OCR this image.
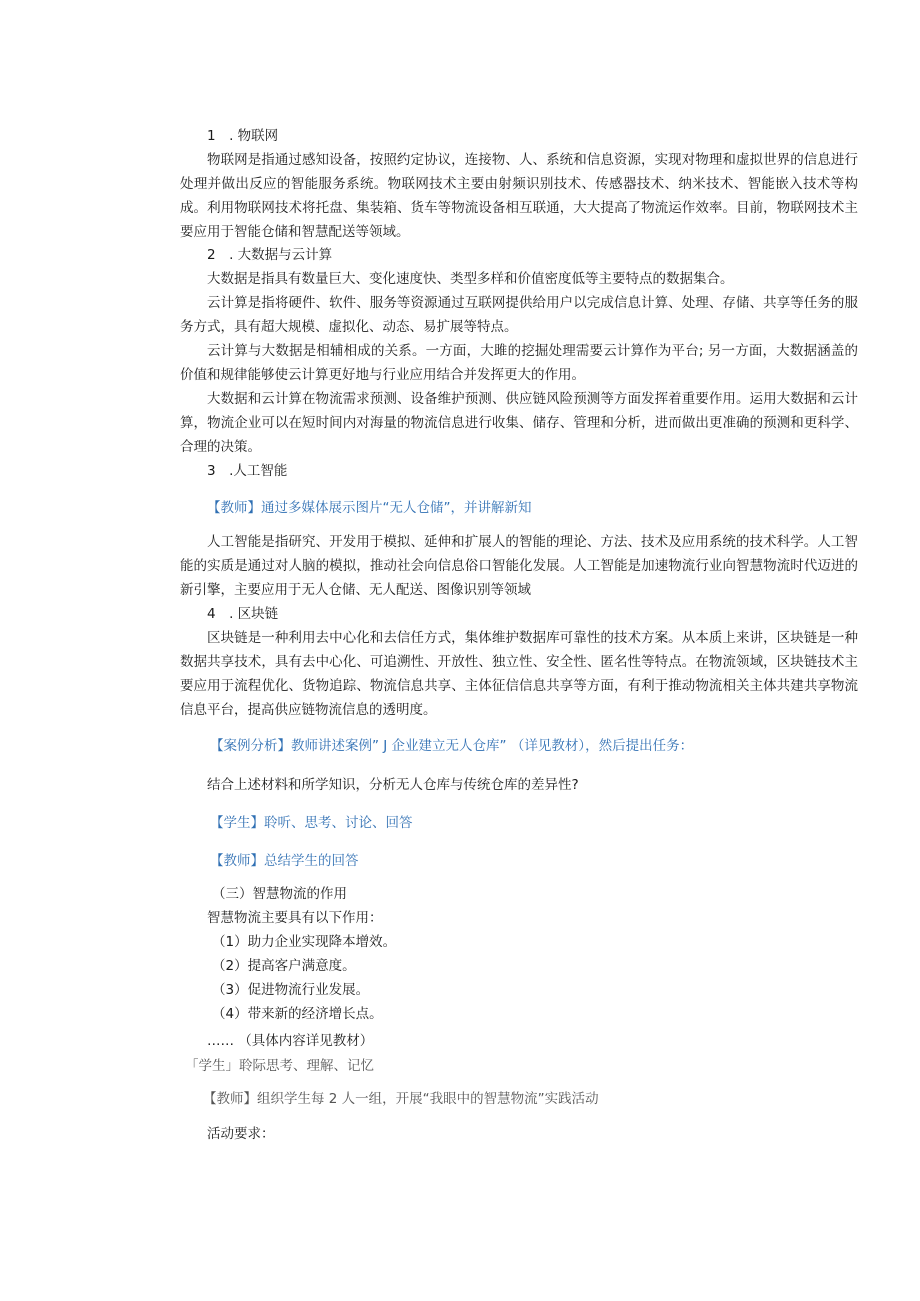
1　. 物联网
物联网是指通过感知设备，按照约定协议，连接物、人、系统和信息资源，实现对物理和虚拟世界的信息进行处理并做出反应的智能服务系统。物联网技术主要由射频识别技术、传感器技术、纳米技术、智能嵌入技术等构成。利用物联网技术将托盘、集装箱、货车等物流设备相互联通，大大提高了物流运作效率。目前，物联网技术主要应用于智能仓储和智慧配送等领域。
2　. 大数据与云计算
大数据是指具有数量巨大、变化速度快、类型多样和价值密度低等主要特点的数据集合。
云计算是指将硬件、软件、服务等资源通过互联网提供给用户以完成信息计算、处理、存储、共享等任务的服务方式，具有超大规模、虚拟化、动态、易扩展等特点。
云计算与大数据是相辅相成的关系。一方面，大雎的挖掘处理需要云计算作为平台; 另一方面，大数据涵盖的价值和规律能够使云计算更好地与行业应用结合并发挥更大的作用。
大数据和云计算在物流需求预测、设备维护预测、供应链风险预测等方面发挥着重要作用。运用大数据和云计算，物流企业可以在短时间内对海量的物流信息进行收集、储存、管理和分析，进而做出更准确的预测和更科学、合理的决策。
3　.人工智能
【教师】通过多媒体展示图片“无人仓储”，并讲解新知
人工智能是指研究、开发用于模拟、延伸和扩展人的智能的理论、方法、技术及应用系统的技术科学。人工智能的实质是通过对人脑的模拟，推动社会向信息俗口智能化发展。人工智能是加速物流行业向智慧物流时代迈进的新引擎，主要应用于无人仓储、无人配送、图像识别等领域
4　. 区块链
区块链是一种利用去中心化和去信任方式，集体维护数据库可靠性的技术方案。从本质上来讲，区块链是一种数据共享技术，具有去中心化、可追溯性、开放性、独立性、安全性、匿名性等特点。在物流领域，区块链技术主要应用于流程优化、货物追踪、物流信息共享、主体征信信息共享等方面，有利于推动物流相关主体共建共享物流信息平台，提高供应链物流信息的透明度。
【案例分析】教师讲述案例” J 企业建立无人仓库” （详见教材），然后提出任务：
结合上述材料和所学知识，分析无人仓库与传统仓库的差异性?
【学生】聆听、思考、讨论、回答
【教师】总结学生的回答
（三）智慧物流的作用
智慧物流主要具有以下作用：
（1）助力企业实现降本增效。
（2）提高客户满意度。
（3）促进物流行业发展。
（4）带来新的经济增长点。
…… （具体内容详见教材）
「学生」聆际思考、理解、记忆
【教师】组织学生每 2 人一组，开展“我眼中的智慧物流”实践活动
活动要求：
